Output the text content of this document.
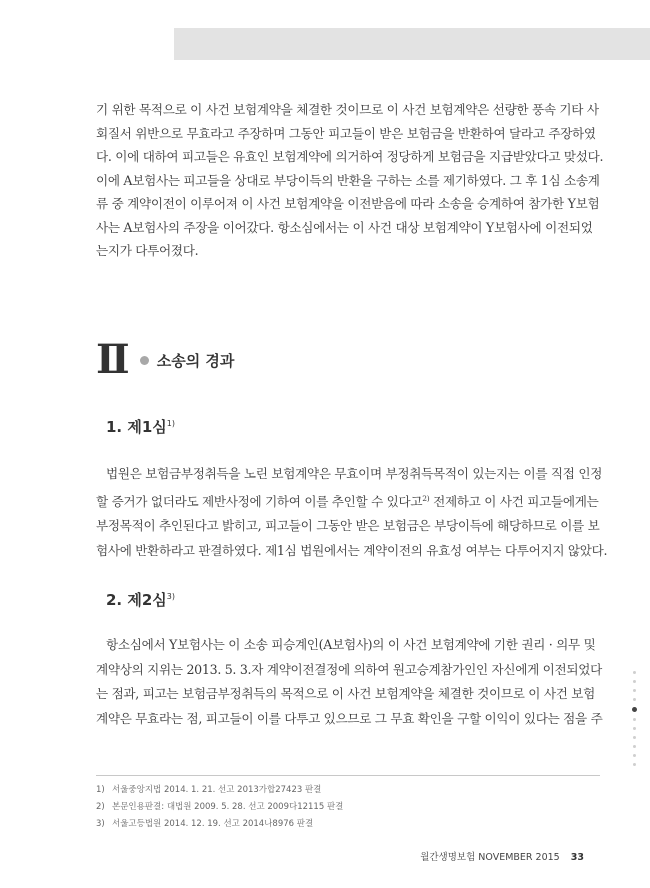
기 위한 목적으로 이 사건 보험계약을 체결한 것이므로 이 사건 보험계약은 선량한 풍속 기타 사
회질서 위반으로 무효라고 주장하며 그동안 피고들이 받은 보험금을 반환하여 달라고 주장하였
다. 이에 대하여 피고들은 유효인 보험계약에 의거하여 정당하게 보험금을 지급받았다고 맞섰다.
이에 A보험사는 피고들을 상대로 부당이득의 반환을 구하는 소를 제기하였다. 그 후 1심 소송계
류 중 계약이전이 이루어져 이 사건 보험계약을 이전받음에 따라 소송을 승계하여 참가한 Y보험
사는 A보험사의 주장을 이어갔다. 항소심에서는 이 사건 대상 보험계약이 Y보험사에 이전되었
는지가 다투어졌다.

Ⅱ 소송의 경과
1. 제1심$^{1)}$

법원은 보험금부정취득을 노린 보험계약은 무효이며 부정취득목적이 있는지는 이를 직접 인정
할 증거가 없더라도 제반사정에 기하여 이를 추인할 수 있다고$^{2)}$ 전제하고 이 사건 피고들에게는
부정목적이 추인된다고 밝히고, 피고들이 그동안 받은 보험금은 부당이득에 해당하므로 이를 보
험사에 반환하라고 판결하였다. 제1심 법원에서는 계약이전의 유효성 여부는 다투어지지 않았다.

2. 제2심$^{3)}$

항소심에서 Y보험사는 이 소송 피승계인(A보험사)의 이 사건 보험계약에 기한 권리 · 의무 및
계약상의 지위는 2013. 5. 3.자 계약이전결정에 의하여 원고승계참가인인 자신에게 이전되었다
는 점과, 피고는 보험금부정취득의 목적으로 이 사건 보험계약을 체결한 것이므로 이 사건 보험
계약은 무효라는 점, 피고들이 이를 다투고 있으므로 그 무효 확인을 구할 이익이 있다는 점을 주

1) 서울중앙지법 2014. 1. 21. 선고 2013가합27423 판결
2) 본문인용판결: 대법원 2009. 5. 28. 선고 2009다12115 판결
3) 서울고등법원 2014. 12. 19. 선고 2014나8976 판결
월간생명보험 NOVEMBER 2015 33
